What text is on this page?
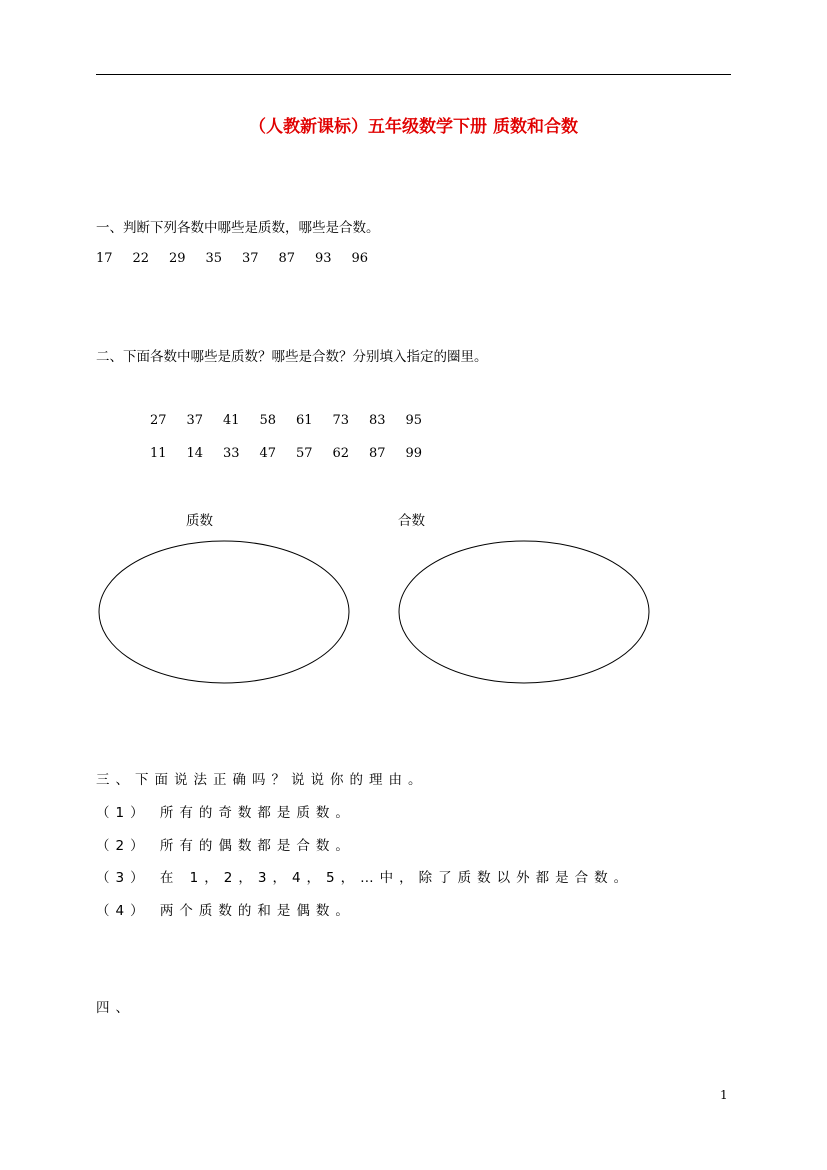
（人教新课标）五年级数学下册 质数和合数
一、判断下列各数中哪些是质数，哪些是合数。
17 22 29 35 37 87 93 96
二、下面各数中哪些是质数？哪些是合数？分别填入指定的圈里。
27 37 41 58 61 73 83 95
11 14 33 47 57 62 87 99
质数	合数
三、下面说法正确吗？说说你的理由。
（1） 所有的奇数都是质数。
（2） 所有的偶数都是合数。
（3） 在 1，2，3，4，5，…中，除了质数以外都是合数。
（4） 两个质数的和是偶数。
四、
1
